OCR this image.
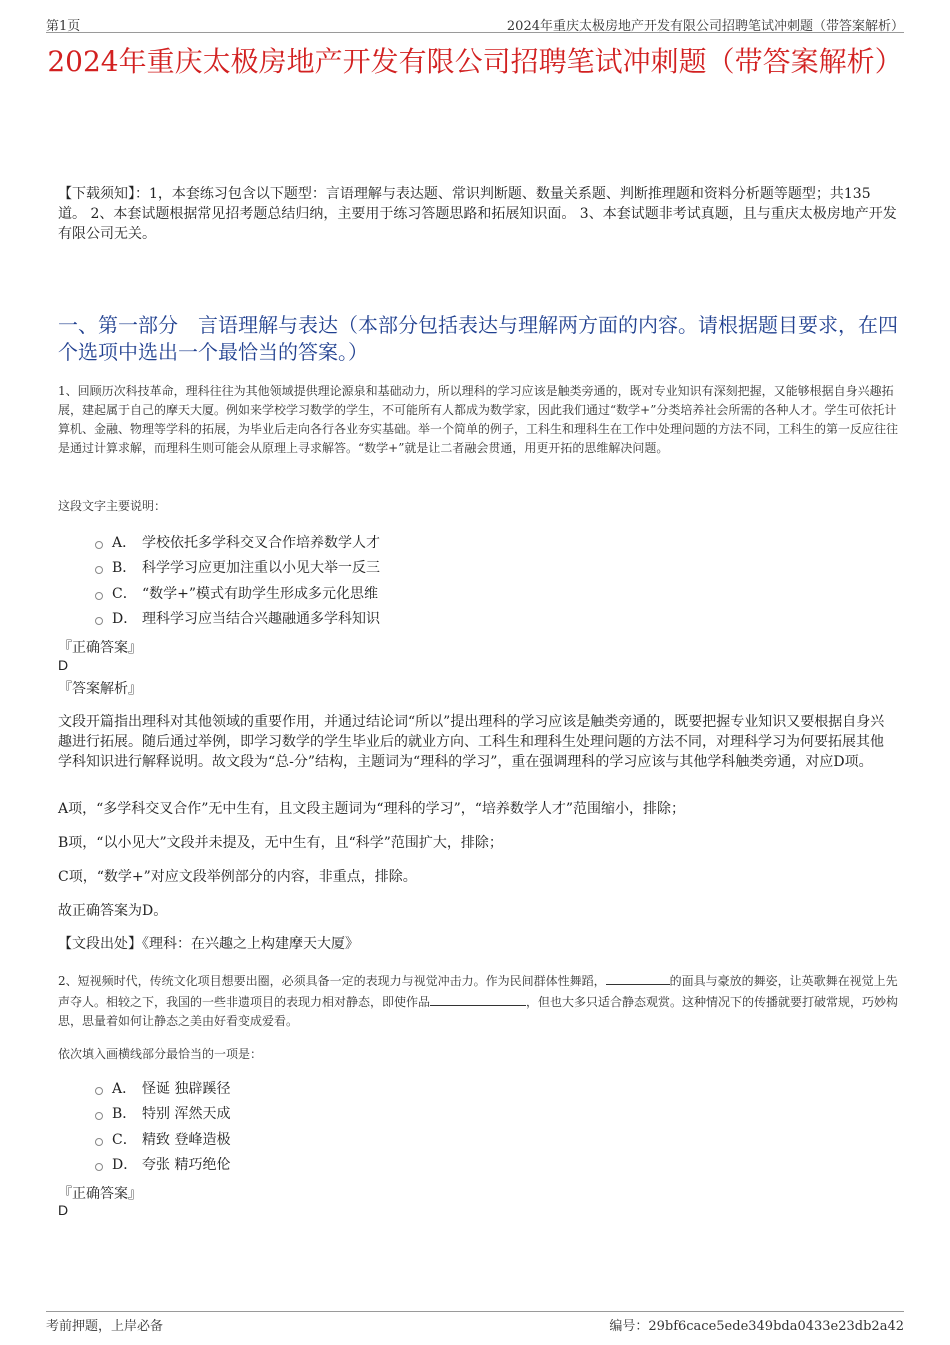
第1页	2024年重庆太极房地产开发有限公司招聘笔试冲刺题（带答案解析）
2024年重庆太极房地产开发有限公司招聘笔试冲刺题（带答案解析）
【下载须知】：1，本套练习包含以下题型：言语理解与表达题、常识判断题、数量关系题、判断推理题和资料分析题等题型；共135道。 2、本套试题根据常见招考题总结归纳，主要用于练习答题思路和拓展知识面。 3、本套试题非考试真题，且与重庆太极房地产开发有限公司无关。
一、第一部分　言语理解与表达（本部分包括表达与理解两方面的内容。请根据题目要求，在四个选项中选出一个最恰当的答案。）
1、回顾历次科技革命，理科往往为其他领域提供理论源泉和基础动力，所以理科的学习应该是触类旁通的，既对专业知识有深刻把握，又能够根据自身兴趣拓展，建起属于自己的摩天大厦。例如来学校学习数学的学生，不可能所有人都成为数学家，因此我们通过“数学+”分类培养社会所需的各种人才。学生可依托计算机、金融、物理等学科的拓展，为毕业后走向各行各业夯实基础。举一个简单的例子，工科生和理科生在工作中处理问题的方法不同，工科生的第一反应往往是通过计算求解，而理科生则可能会从原理上寻求解答。“数学+”就是让二者融会贯通，用更开拓的思维解决问题。
这段文字主要说明：
A． 学校依托多学科交叉合作培养数学人才
B． 科学学习应更加注重以小见大举一反三
C． “数学+”模式有助学生形成多元化思维
D． 理科学习应当结合兴趣融通多学科知识
『正确答案』
D
『答案解析』
文段开篇指出理科对其他领域的重要作用，并通过结论词“所以”提出理科的学习应该是触类旁通的，既要把握专业知识又要根据自身兴趣进行拓展。随后通过举例，即学习数学的学生毕业后的就业方向、工科生和理科生处理问题的方法不同，对理科学习为何要拓展其他学科知识进行解释说明。故文段为“总-分”结构，主题词为“理科的学习”，重在强调理科的学习应该与其他学科触类旁通，对应D项。
A项，“多学科交叉合作”无中生有，且文段主题词为“理科的学习”，“培养数学人才”范围缩小，排除；
B项，“以小见大”文段并未提及，无中生有，且“科学”范围扩大，排除；
C项，“数学+”对应文段举例部分的内容，非重点，排除。
故正确答案为D。
【文段出处】《理科：在兴趣之上构建摩天大厦》
2、短视频时代，传统文化项目想要出圈，必须具备一定的表现力与视觉冲击力。作为民间群体性舞蹈，	的面具与豪放的舞姿，让英歌舞在视觉上先声夺人。相较之下，我国的一些非遗项目的表现力相对静态，即使作品	，但也大多只适合静态观赏。这种情况下的传播就要打破常规，巧妙构思，思量着如何让静态之美由好看变成爱看。
依次填入画横线部分最恰当的一项是：
A． 怪诞 独辟蹊径
B． 特别 浑然天成
C． 精致 登峰造极
D． 夸张 精巧绝伦
『正确答案』
D
考前押题，上岸必备	编号：29bf6cace5ede349bda0433e23db2a42
